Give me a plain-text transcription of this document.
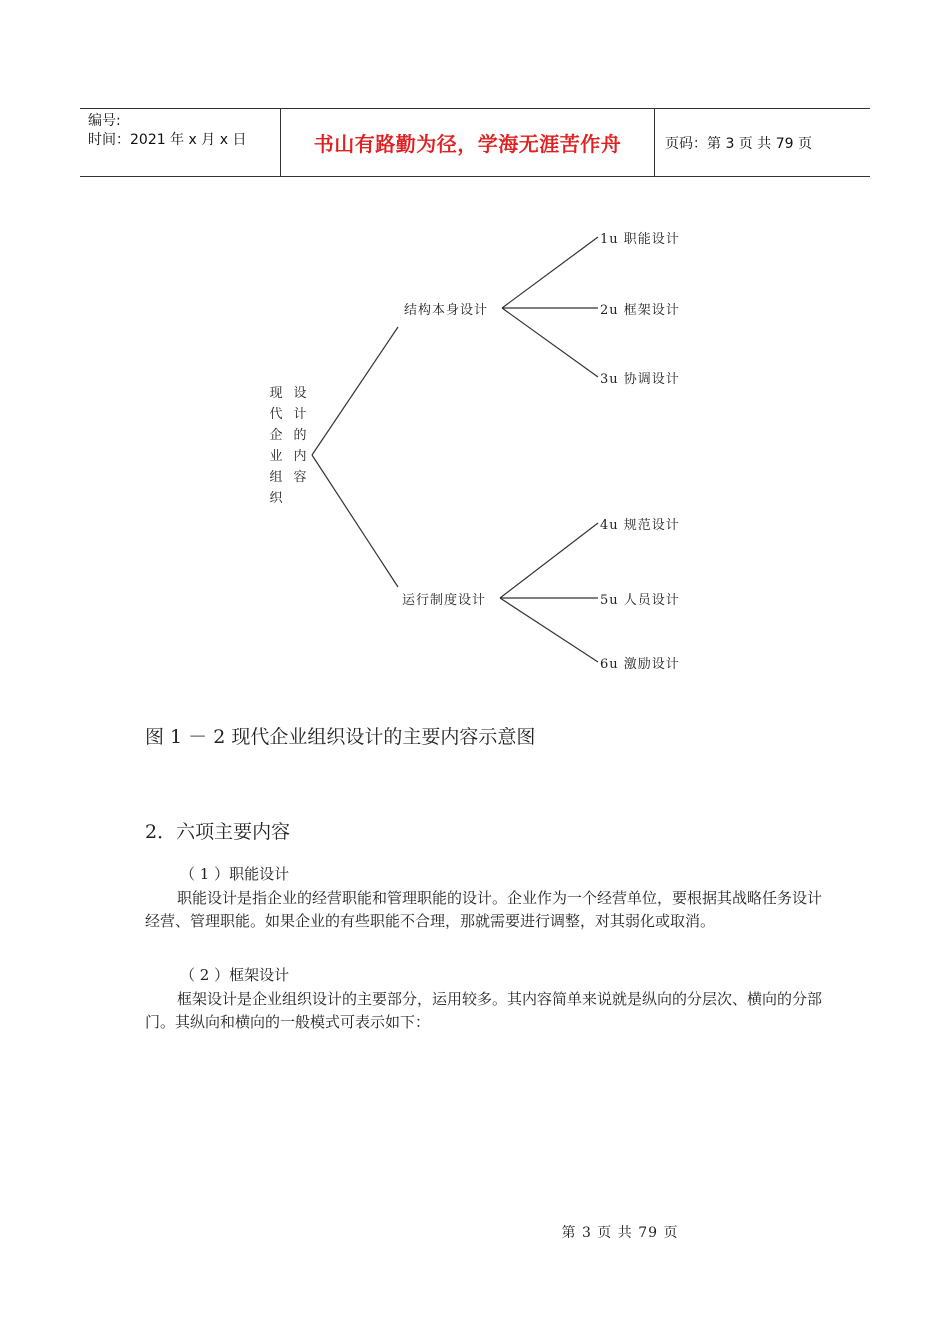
编号:
时间：2021 年 x 月 x 日	书山有路勤为径，学海无涯苦作舟	页码：第 3 页 共 79 页
现代企业组织
设计的内容
结构本身设计
运行制度设计
1u 职能设计
2u 框架设计
3u 协调设计
4u 规范设计
5u 人员设计
6u 激励设计
图 1 － 2 现代企业组织设计的主要内容示意图
2．六项主要内容
（ 1 ）职能设计
职能设计是指企业的经营职能和管理职能的设计。企业作为一个经营单位，要根据其战略任务设计经营、管理职能。如果企业的有些职能不合理，那就需要进行调整，对其弱化或取消。
（ 2 ）框架设计
框架设计是企业组织设计的主要部分，运用较多。其内容简单来说就是纵向的分层次、横向的分部门。其纵向和横向的一般模式可表示如下：
第 3 页 共 79 页
